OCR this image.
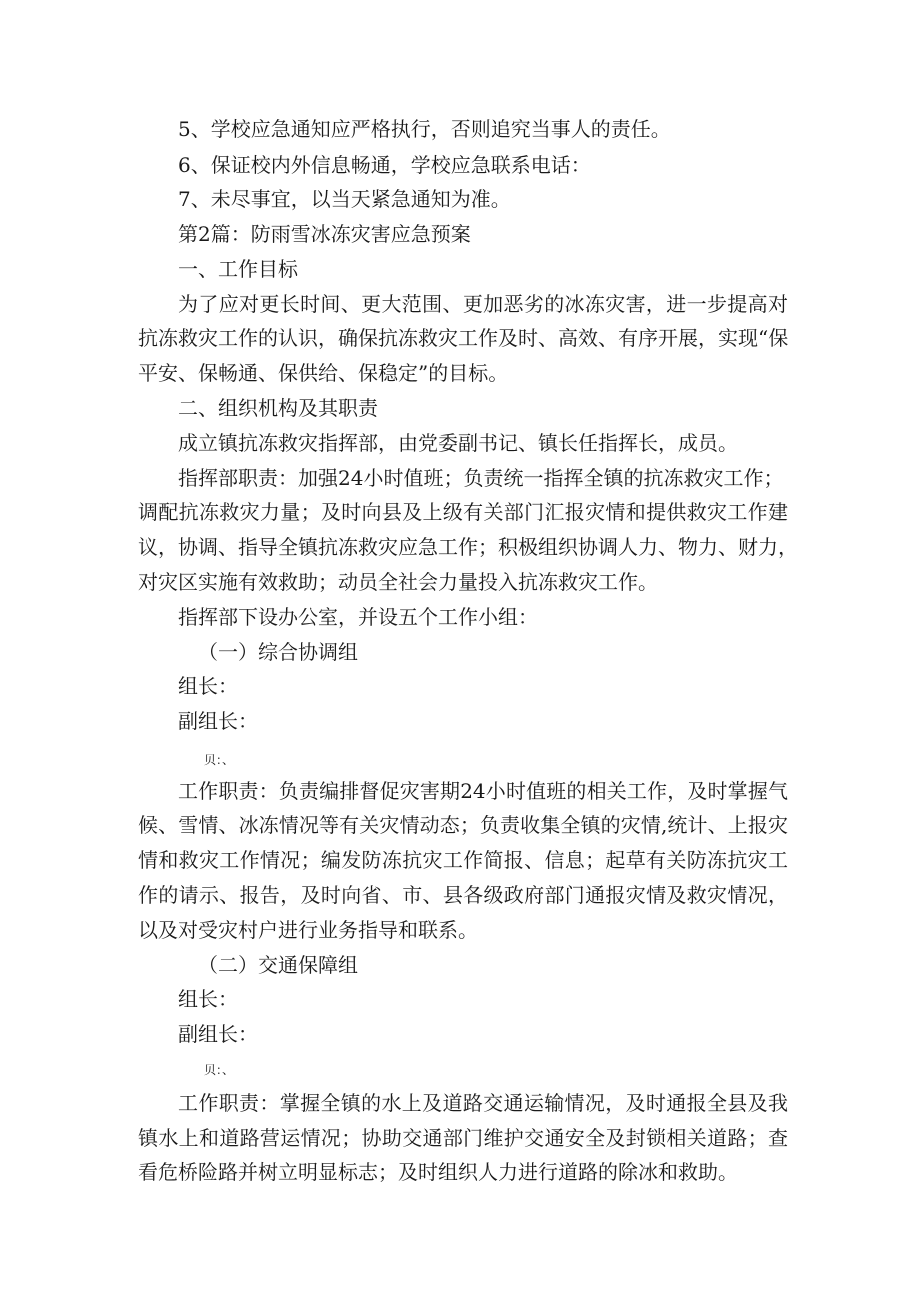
5、学校应急通知应严格执行，否则追究当事人的责任。
6、保证校内外信息畅通，学校应急联系电话：
7、未尽事宜，以当天紧急通知为准。
第2篇：防雨雪冰冻灾害应急预案
一、工作目标
为了应对更长时间、更大范围、更加恶劣的冰冻灾害，进一步提高对
抗冻救灾工作的认识，确保抗冻救灾工作及时、高效、有序开展，实现“保
平安、保畅通、保供给、保稳定”的目标。
二、组织机构及其职责
成立镇抗冻救灾指挥部，由党委副书记、镇长任指挥长，成员。
指挥部职责：加强24小时值班；负责统一指挥全镇的抗冻救灾工作；
调配抗冻救灾力量；及时向县及上级有关部门汇报灾情和提供救灾工作建
议，协调、指导全镇抗冻救灾应急工作；积极组织协调人力、物力、财力，
对灾区实施有效救助；动员全社会力量投入抗冻救灾工作。
指挥部下设办公室，并设五个工作小组：
（一）综合协调组
组长：
副组长：
贝：、
工作职责：负责编排督促灾害期24小时值班的相关工作，及时掌握气
候、雪情、冰冻情况等有关灾情动态；负责收集全镇的灾情,统计、上报灾
情和救灾工作情况；编发防冻抗灾工作简报、信息；起草有关防冻抗灾工
作的请示、报告，及时向省、市、县各级政府部门通报灾情及救灾情况，
以及对受灾村户进行业务指导和联系。
（二）交通保障组
组长：
副组长：
贝：、
工作职责：掌握全镇的水上及道路交通运输情况，及时通报全县及我
镇水上和道路营运情况；协助交通部门维护交通安全及封锁相关道路；查
看危桥险路并树立明显标志；及时组织人力进行道路的除冰和救助。
